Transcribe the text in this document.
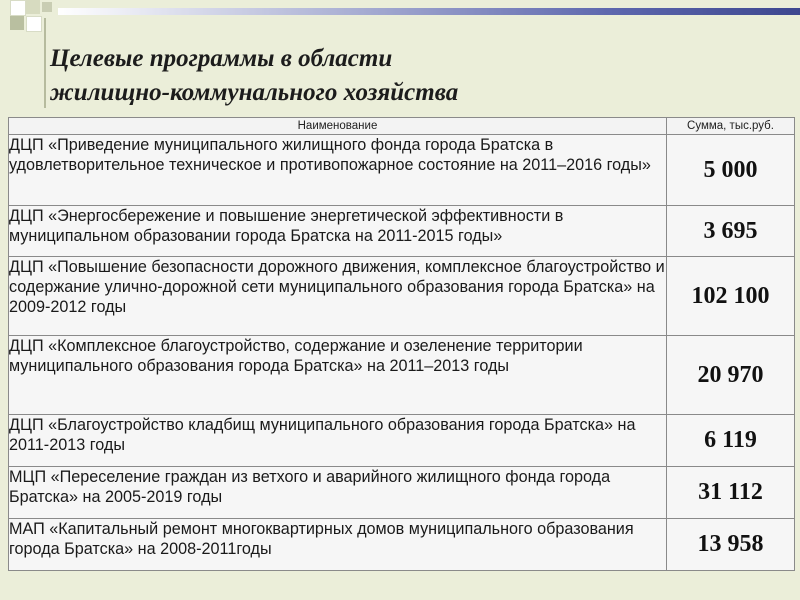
Целевые программы в области
жилищно-коммунального хозяйства
Наименование	Сумма, тыс.руб.
ДЦП «Приведение муниципального жилищного фонда города Братска в удовлетворительное техническое и противопожарное состояние на 2011–2016 годы»	5 000
ДЦП «Энергосбережение и повышение энергетической эффективности в муниципальном образовании города Братска на 2011-2015 годы»	3 695
ДЦП «Повышение безопасности дорожного движения, комплексное благоустройство и содержание улично-дорожной сети муниципального образования города Братска» на 2009-2012 годы	102 100
ДЦП «Комплексное благоустройство, содержание и озеленение территории муниципального образования города Братска» на 2011–2013 годы	20 970
ДЦП «Благоустройство кладбищ муниципального образования города Братска» на 2011-2013 годы	6 119
МЦП «Переселение граждан из ветхого и аварийного жилищного фонда города Братска» на 2005-2019 годы	31 112
МАП «Капитальный ремонт многоквартирных домов муниципального образования города Братска» на 2008-2011годы	13 958
